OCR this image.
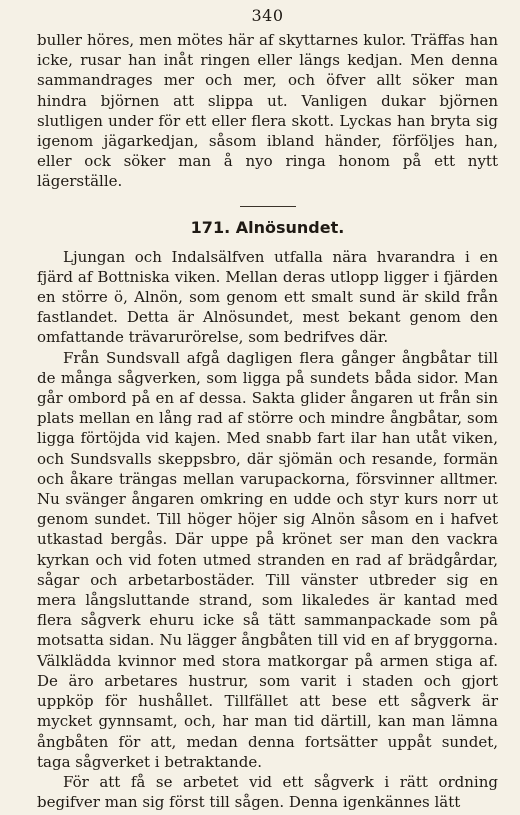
340

buller höres, men mötes här af skyttarnes kulor. Träffas han icke, rusar han inåt ringen eller längs kedjan. Men denna sammandrages mer och mer, och öfver allt söker man hindra björnen att slippa ut. Vanligen dukar björnen slutligen under för ett eller flera skott. Lyckas han bryta sig igenom jägarkedjan, såsom ibland händer, förföljes han, eller ock söker man å nyo ringa honom på ett nytt lägerställe.

171. Alnösundet.

Ljungan och Indalsälfven utfalla nära hvarandra i en fjärd af Bottniska viken. Mellan deras utlopp ligger i fjärden en större ö, Alnön, som genom ett smalt sund är skild från fastlandet. Detta är Alnösundet, mest bekant genom den omfattande trävarurörelse, som bedrifves där.

Från Sundsvall afgå dagligen flera gånger ångbåtar till de många sågverken, som ligga på sundets båda sidor. Man går ombord på en af dessa. Sakta glider ångaren ut från sin plats mellan en lång rad af större och mindre ångbåtar, som ligga förtöjda vid kajen. Med snabb fart ilar han utåt viken, och Sundsvalls skeppsbro, där sjömän och resande, formän och åkare trängas mellan varupackorna, försvinner alltmer. Nu svänger ångaren omkring en udde och styr kurs norr ut genom sundet. Till höger höjer sig Alnön såsom en i hafvet utkastad bergås. Där uppe på krönet ser man den vackra kyrkan och vid foten utmed stranden en rad af brädgårdar, sågar och arbetarbostäder. Till vänster utbreder sig en mera långsluttande strand, som likaledes är kantad med flera sågverk ehuru icke så tätt sammanpackade som på motsatta sidan. Nu lägger ångbåten till vid en af bryggorna. Välklädda kvinnor med stora matkorgar på armen stiga af. De äro arbetares hustrur, som varit i staden och gjort uppköp för hushållet. Tillfället att bese ett sågverk är mycket gynnsamt, och, har man tid därtill, kan man lämna ångbåten för att, medan denna fortsätter uppåt sundet, taga sågverket i betraktande.

För att få se arbetet vid ett sågverk i rätt ordning begifver man sig först till sågen. Denna igenkännes lätt
